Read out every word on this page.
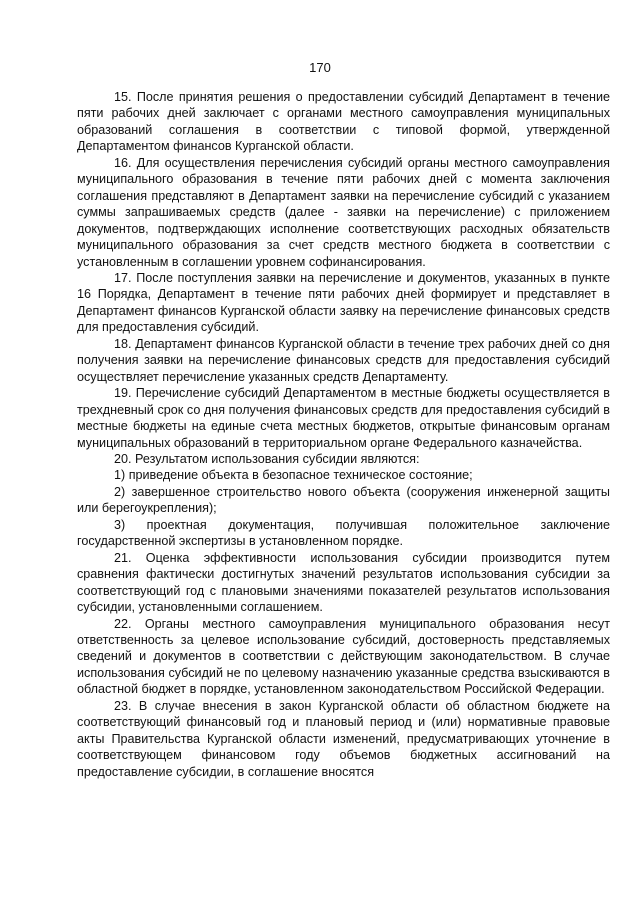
170

15. После принятия решения о предоставлении субсидий Департамент в течение пяти рабочих дней заключает с органами местного самоуправления муниципальных образований соглашения в соответствии с типовой формой, утвержденной Департаментом финансов Курганской области.

16. Для осуществления перечисления субсидий органы местного самоуправления муниципального образования в течение пяти рабочих дней с момента заключения соглашения представляют в Департамент заявки на перечисление субсидий с указанием суммы запрашиваемых средств (далее - заявки на перечисление) с приложением документов, подтверждающих исполнение соответствующих расходных обязательств муниципального образования за счет средств местного бюджета в соответствии с установленным в соглашении уровнем софинансирования.

17. После поступления заявки на перечисление и документов, указанных в пункте 16 Порядка, Департамент в течение пяти рабочих дней формирует и представляет в Департамент финансов Курганской области заявку на перечисление финансовых средств для предоставления субсидий.

18. Департамент финансов Курганской области в течение трех рабочих дней со дня получения заявки на перечисление финансовых средств для предоставления субсидий осуществляет перечисление указанных средств Департаменту.

19. Перечисление субсидий Департаментом в местные бюджеты осуществляется в трехдневный срок со дня получения финансовых средств для предоставления субсидий в местные бюджеты на единые счета местных бюджетов, открытые финансовым органам муниципальных образований в территориальном органе Федерального казначейства.

20. Результатом использования субсидии являются:

1) приведение объекта в безопасное техническое состояние;

2) завершенное строительство нового объекта (сооружения инженерной защиты или берегоукрепления);

3) проектная документация, получившая положительное заключение государственной экспертизы в установленном порядке.

21. Оценка эффективности использования субсидии производится путем сравнения фактически достигнутых значений результатов использования субсидии за соответствующий год с плановыми значениями показателей результатов использования субсидии, установленными соглашением.

22. Органы местного самоуправления муниципального образования несут ответственность за целевое использование субсидий, достоверность представляемых сведений и документов в соответствии с действующим законодательством. В случае использования субсидий не по целевому назначению указанные средства взыскиваются в областной бюджет в порядке, установленном законодательством Российской Федерации.

23. В случае внесения в закон Курганской области об областном бюджете на соответствующий финансовый год и плановый период и (или) нормативные правовые акты Правительства Курганской области изменений, предусматривающих уточнение в соответствующем финансовом году объемов бюджетных ассигнований на предоставление субсидии, в соглашение вносятся
